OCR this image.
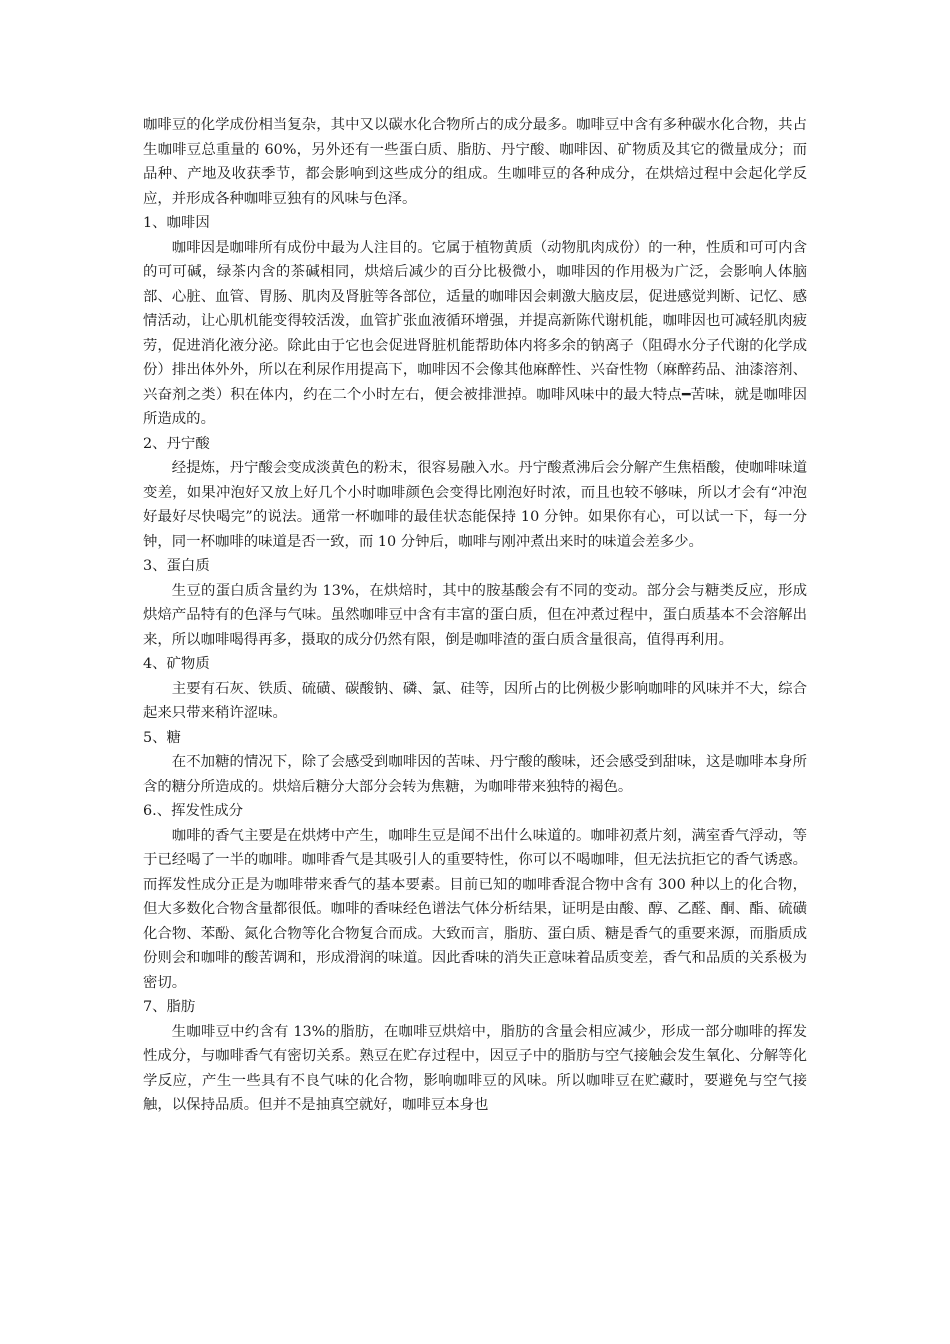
咖啡豆的化学成份相当复杂，其中又以碳水化合物所占的成分最多。咖啡豆中含有多种碳水化合物，共占生咖啡豆总重量的 60%，另外还有一些蛋白质、脂肪、丹宁酸、咖啡因、矿物质及其它的微量成分；而品种、产地及收获季节，都会影响到这些成分的组成。生咖啡豆的各种成分，在烘焙过程中会起化学反应，并形成各种咖啡豆独有的风味与色泽。

1、咖啡因

咖啡因是咖啡所有成份中最为人注目的。它属于植物黄质（动物肌肉成份）的一种，性质和可可内含的可可碱，绿茶内含的茶碱相同，烘焙后减少的百分比极微小，咖啡因的作用极为广泛，会影响人体脑部、心脏、血管、胃肠、肌肉及肾脏等各部位，适量的咖啡因会刺激大脑皮层，促进感觉判断、记忆、感情活动，让心肌机能变得较活泼，血管扩张血液循环增强，并提高新陈代谢机能，咖啡因也可减轻肌肉疲劳，促进消化液分泌。除此由于它也会促进肾脏机能帮助体内将多余的钠离子（阻碍水分子代谢的化学成份）排出体外外，所以在利尿作用提高下，咖啡因不会像其他麻醉性、兴奋性物（麻醉药品、油漆溶剂、兴奋剂之类）积在体内，约在二个小时左右，便会被排泄掉。咖啡风味中的最大特点━苦味，就是咖啡因所造成的。

2、丹宁酸

经提炼，丹宁酸会变成淡黄色的粉末，很容易融入水。丹宁酸煮沸后会分解产生焦梧酸，使咖啡味道变差，如果冲泡好又放上好几个小时咖啡颜色会变得比刚泡好时浓，而且也较不够味，所以才会有“冲泡好最好尽快喝完”的说法。通常一杯咖啡的最佳状态能保持 10 分钟。如果你有心，可以试一下，每一分钟，同一杯咖啡的味道是否一致，而 10 分钟后，咖啡与刚冲煮出来时的味道会差多少。

3、蛋白质

生豆的蛋白质含量约为 13%，在烘焙时，其中的胺基酸会有不同的变动。部分会与糖类反应，形成烘焙产品特有的色泽与气味。虽然咖啡豆中含有丰富的蛋白质，但在冲煮过程中，蛋白质基本不会溶解出来，所以咖啡喝得再多，摄取的成分仍然有限，倒是咖啡渣的蛋白质含量很高，值得再利用。

4、矿物质

主要有石灰、铁质、硫磺、碳酸钠、磷、氯、硅等，因所占的比例极少影响咖啡的风味并不大，综合起来只带来稍许涩味。

5、糖

在不加糖的情况下，除了会感受到咖啡因的苦味、丹宁酸的酸味，还会感受到甜味，这是咖啡本身所含的糖分所造成的。烘焙后糖分大部分会转为焦糖，为咖啡带来独特的褐色。

6.、挥发性成分

咖啡的香气主要是在烘烤中产生，咖啡生豆是闻不出什么味道的。咖啡初煮片刻，满室香气浮动，等于已经喝了一半的咖啡。咖啡香气是其吸引人的重要特性，你可以不喝咖啡，但无法抗拒它的香气诱惑。而挥发性成分正是为咖啡带来香气的基本要素。目前已知的咖啡香混合物中含有 300 种以上的化合物，但大多数化合物含量都很低。咖啡的香味经色谱法气体分析结果，证明是由酸、醇、乙醛、酮、酯、硫磺化合物、苯酚、氮化合物等化合物复合而成。大致而言，脂肪、蛋白质、糖是香气的重要来源，而脂质成份则会和咖啡的酸苦调和，形成滑润的味道。因此香味的消失正意味着品质变差，香气和品质的关系极为密切。

7、脂肪

生咖啡豆中约含有 13%的脂肪，在咖啡豆烘焙中，脂肪的含量会相应减少，形成一部分咖啡的挥发性成分，与咖啡香气有密切关系。熟豆在贮存过程中，因豆子中的脂肪与空气接触会发生氧化、分解等化学反应，产生一些具有不良气味的化合物，影响咖啡豆的风味。所以咖啡豆在贮藏时，要避免与空气接触，以保持品质。但并不是抽真空就好，咖啡豆本身也
